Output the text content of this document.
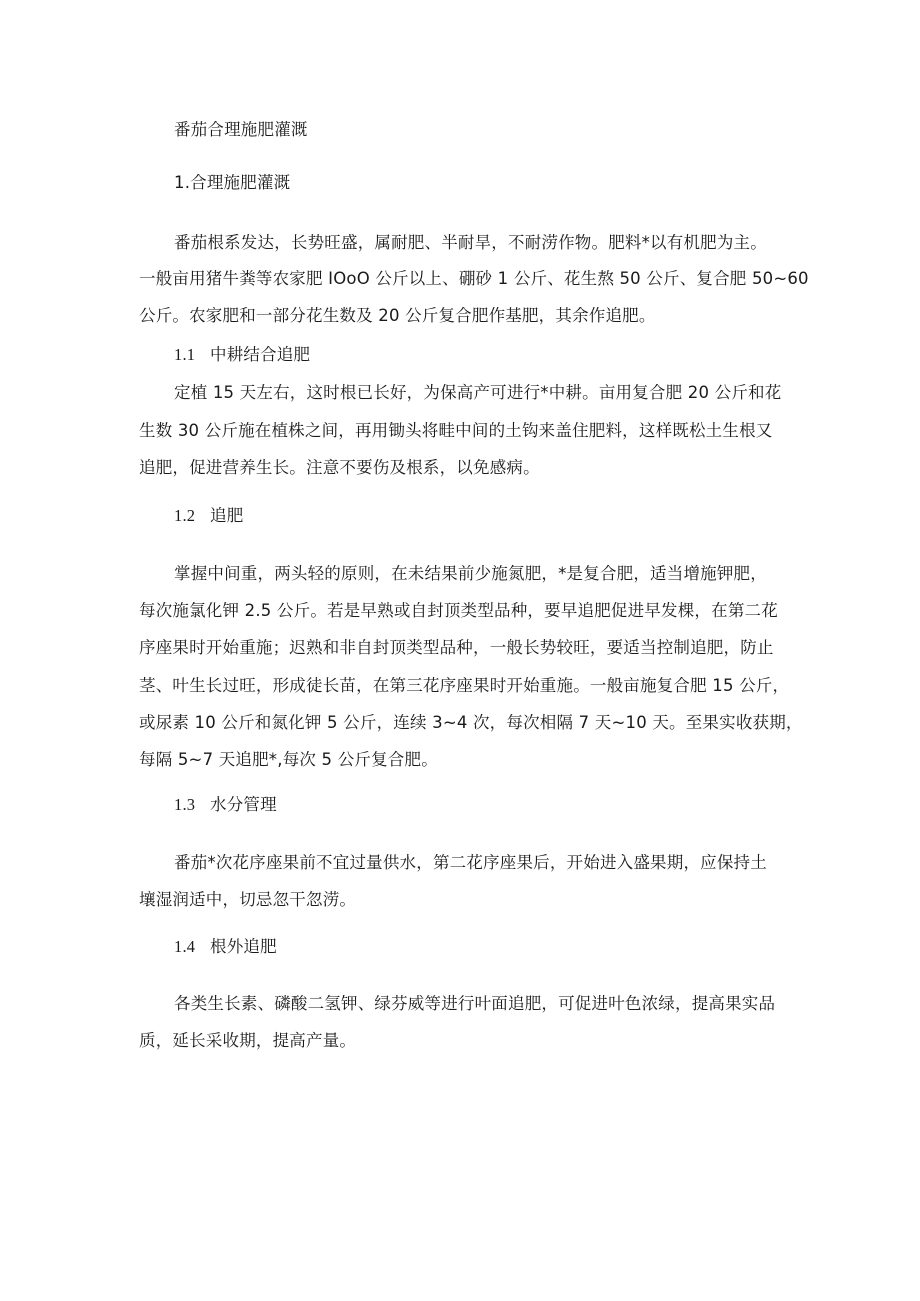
番茄合理施肥灌溉
1.合理施肥灌溉
番茄根系发达，长势旺盛，属耐肥、半耐旱，不耐涝作物。肥料*以有机肥为主。
一般亩用猪牛粪等农家肥 IOoO 公斤以上、硼砂 1 公斤、花生熬 50 公斤、复合肥 50~60
公斤。农家肥和一部分花生数及 20 公斤复合肥作基肥，其余作追肥。
1.1 中耕结合追肥
定植 15 天左右，这时根已长好，为保高产可进行*中耕。亩用复合肥 20 公斤和花
生数 30 公斤施在植株之间，再用锄头将畦中间的土钩来盖住肥料，这样既松土生根又
追肥，促进营养生长。注意不要伤及根系，以免感病。
1.2 追肥
掌握中间重，两头轻的原则，在未结果前少施氮肥，*是复合肥，适当增施钾肥，
每次施氯化钾 2.5 公斤。若是早熟或自封顶类型品种，要早追肥促进早发棵，在第二花
序座果时开始重施；迟熟和非自封顶类型品种，一般长势较旺，要适当控制追肥，防止
茎、叶生长过旺，形成徒长苗，在第三花序座果时开始重施。一般亩施复合肥 15 公斤，
或尿素 10 公斤和氮化钾 5 公斤，连续 3~4 次，每次相隔 7 天~10 天。至果实收获期，
每隔 5~7 天追肥*,每次 5 公斤复合肥。
1.3 水分管理
番茄*次花序座果前不宜过量供水，第二花序座果后，开始进入盛果期，应保持土
壤湿润适中，切忌忽干忽涝。
1.4 根外追肥
各类生长素、磷酸二氢钾、绿芬威等进行叶面追肥，可促进叶色浓绿，提高果实品
质，延长采收期，提高产量。
